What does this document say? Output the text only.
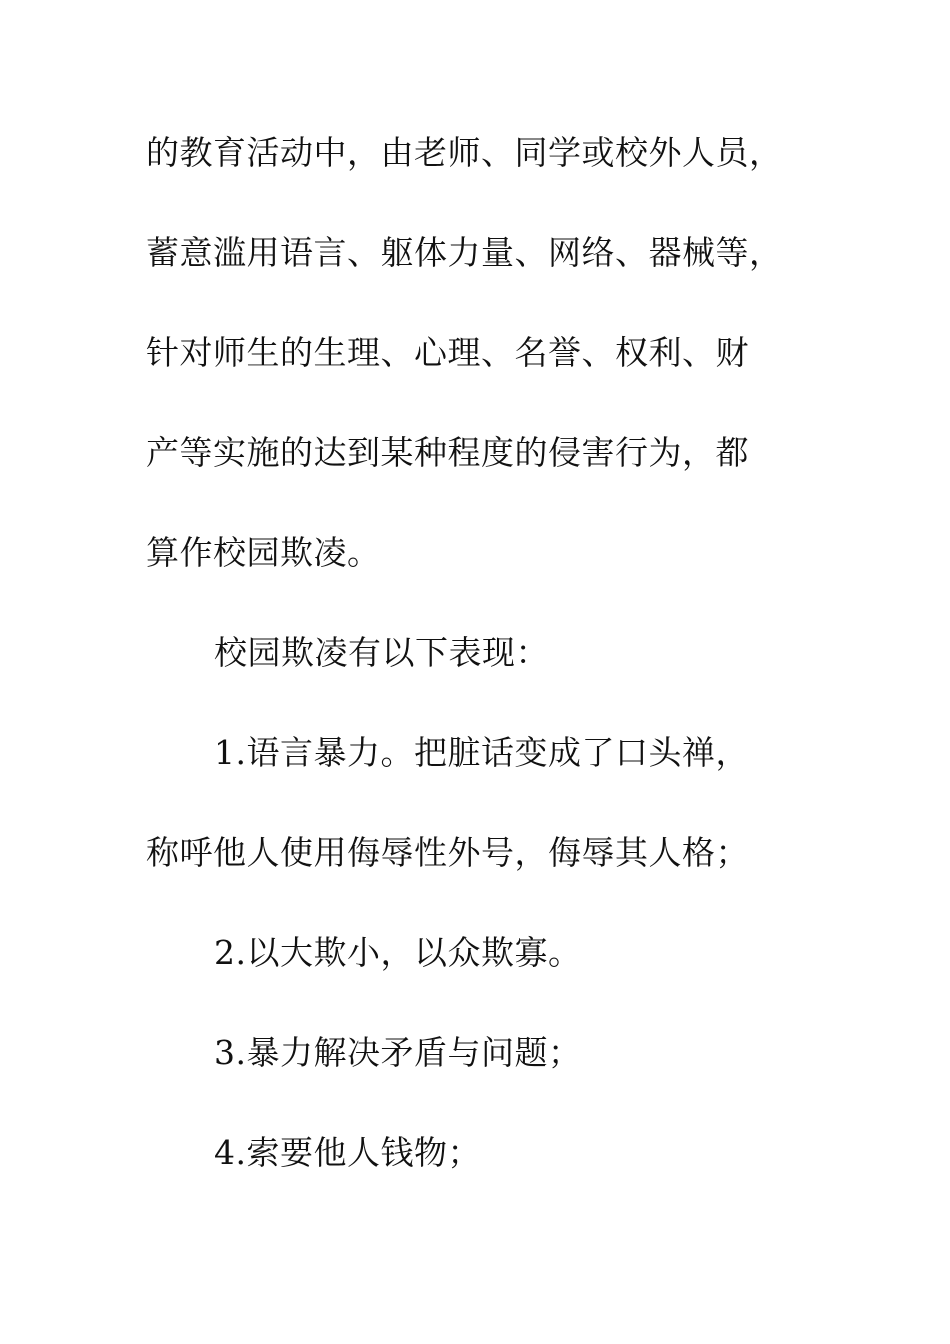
的教育活动中，由老师、同学或校外人员，
蓄意滥用语言、躯体力量、网络、器械等，
针对师生的生理、心理、名誉、权利、财
产等实施的达到某种程度的侵害行为，都
算作校园欺凌。
校园欺凌有以下表现：
1.语言暴力。把脏话变成了口头禅，
称呼他人使用侮辱性外号，侮辱其人格；
2.以大欺小，以众欺寡。
3.暴力解决矛盾与问题；
4.索要他人钱物；
